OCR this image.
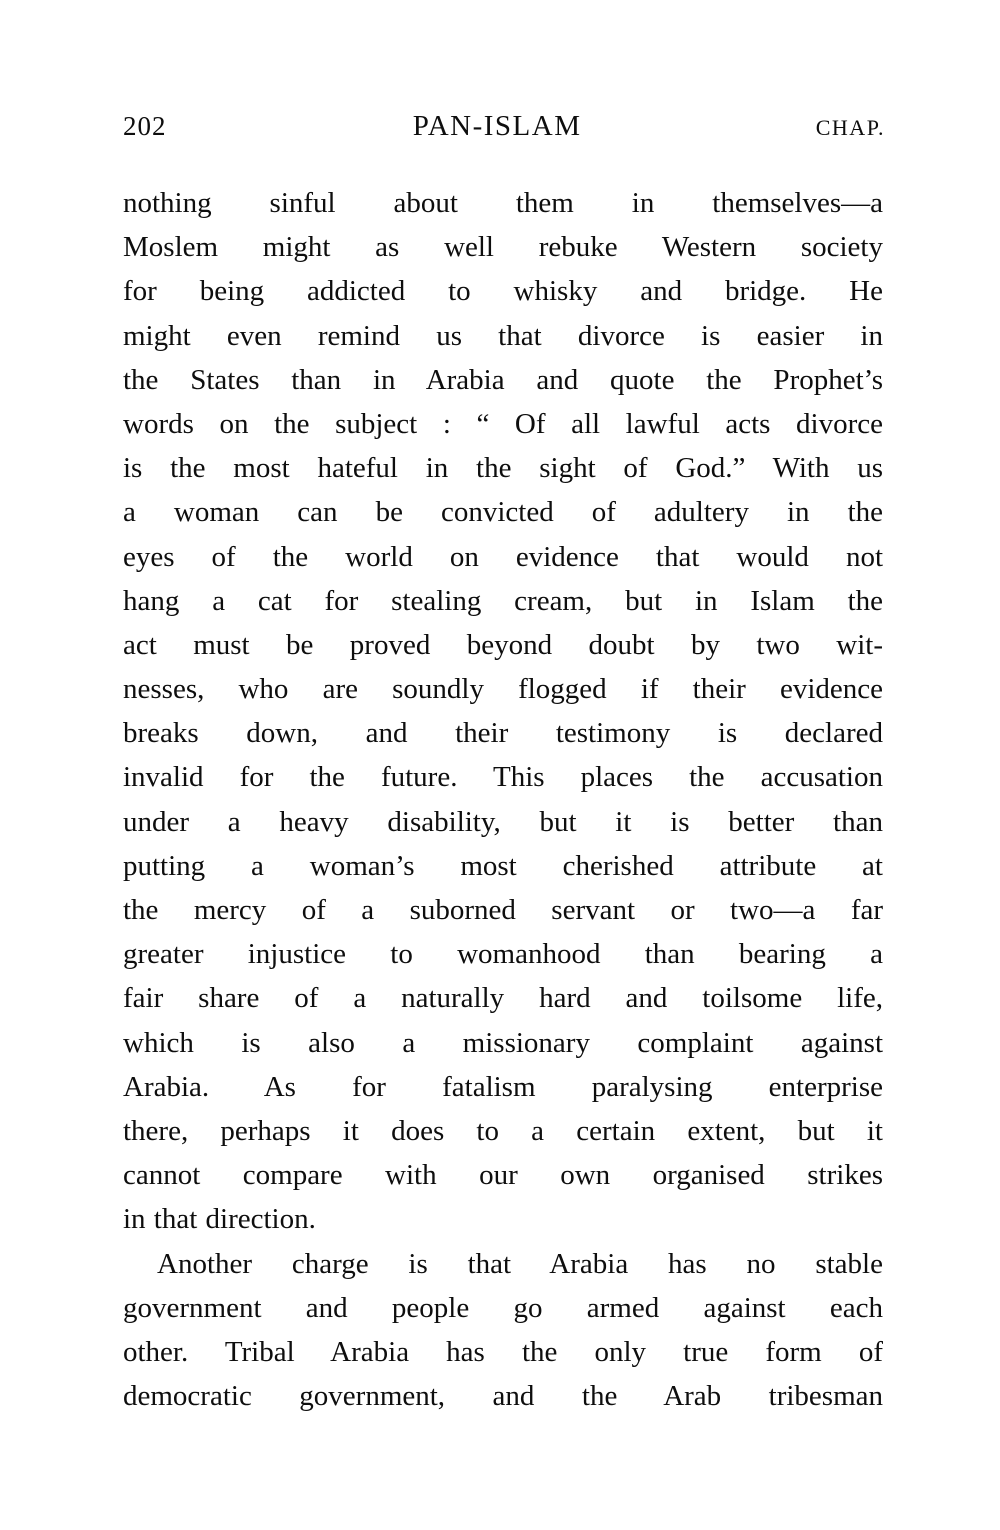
202	PAN-ISLAM	CHAP.
nothing sinful about them in themselves—a
Moslem might as well rebuke Western society
for being addicted to whisky and bridge. He
might even remind us that divorce is easier in
the States than in Arabia and quote the Prophet’s
words on the subject : “ Of all lawful acts divorce
is the most hateful in the sight of God.” With us
a woman can be convicted of adultery in the
eyes of the world on evidence that would not
hang a cat for stealing cream, but in Islam the
act must be proved beyond doubt by two wit-
nesses, who are soundly flogged if their evidence
breaks down, and their testimony is declared
invalid for the future. This places the accusation
under a heavy disability, but it is better than
putting a woman’s most cherished attribute at
the mercy of a suborned servant or two—a far
greater injustice to womanhood than bearing a
fair share of a naturally hard and toilsome life,
which is also a missionary complaint against
Arabia. As for fatalism paralysing enterprise
there, perhaps it does to a certain extent, but it
cannot compare with our own organised strikes
in that direction.
Another charge is that Arabia has no stable
government and people go armed against each
other. Tribal Arabia has the only true form of
democratic government, and the Arab tribesman
